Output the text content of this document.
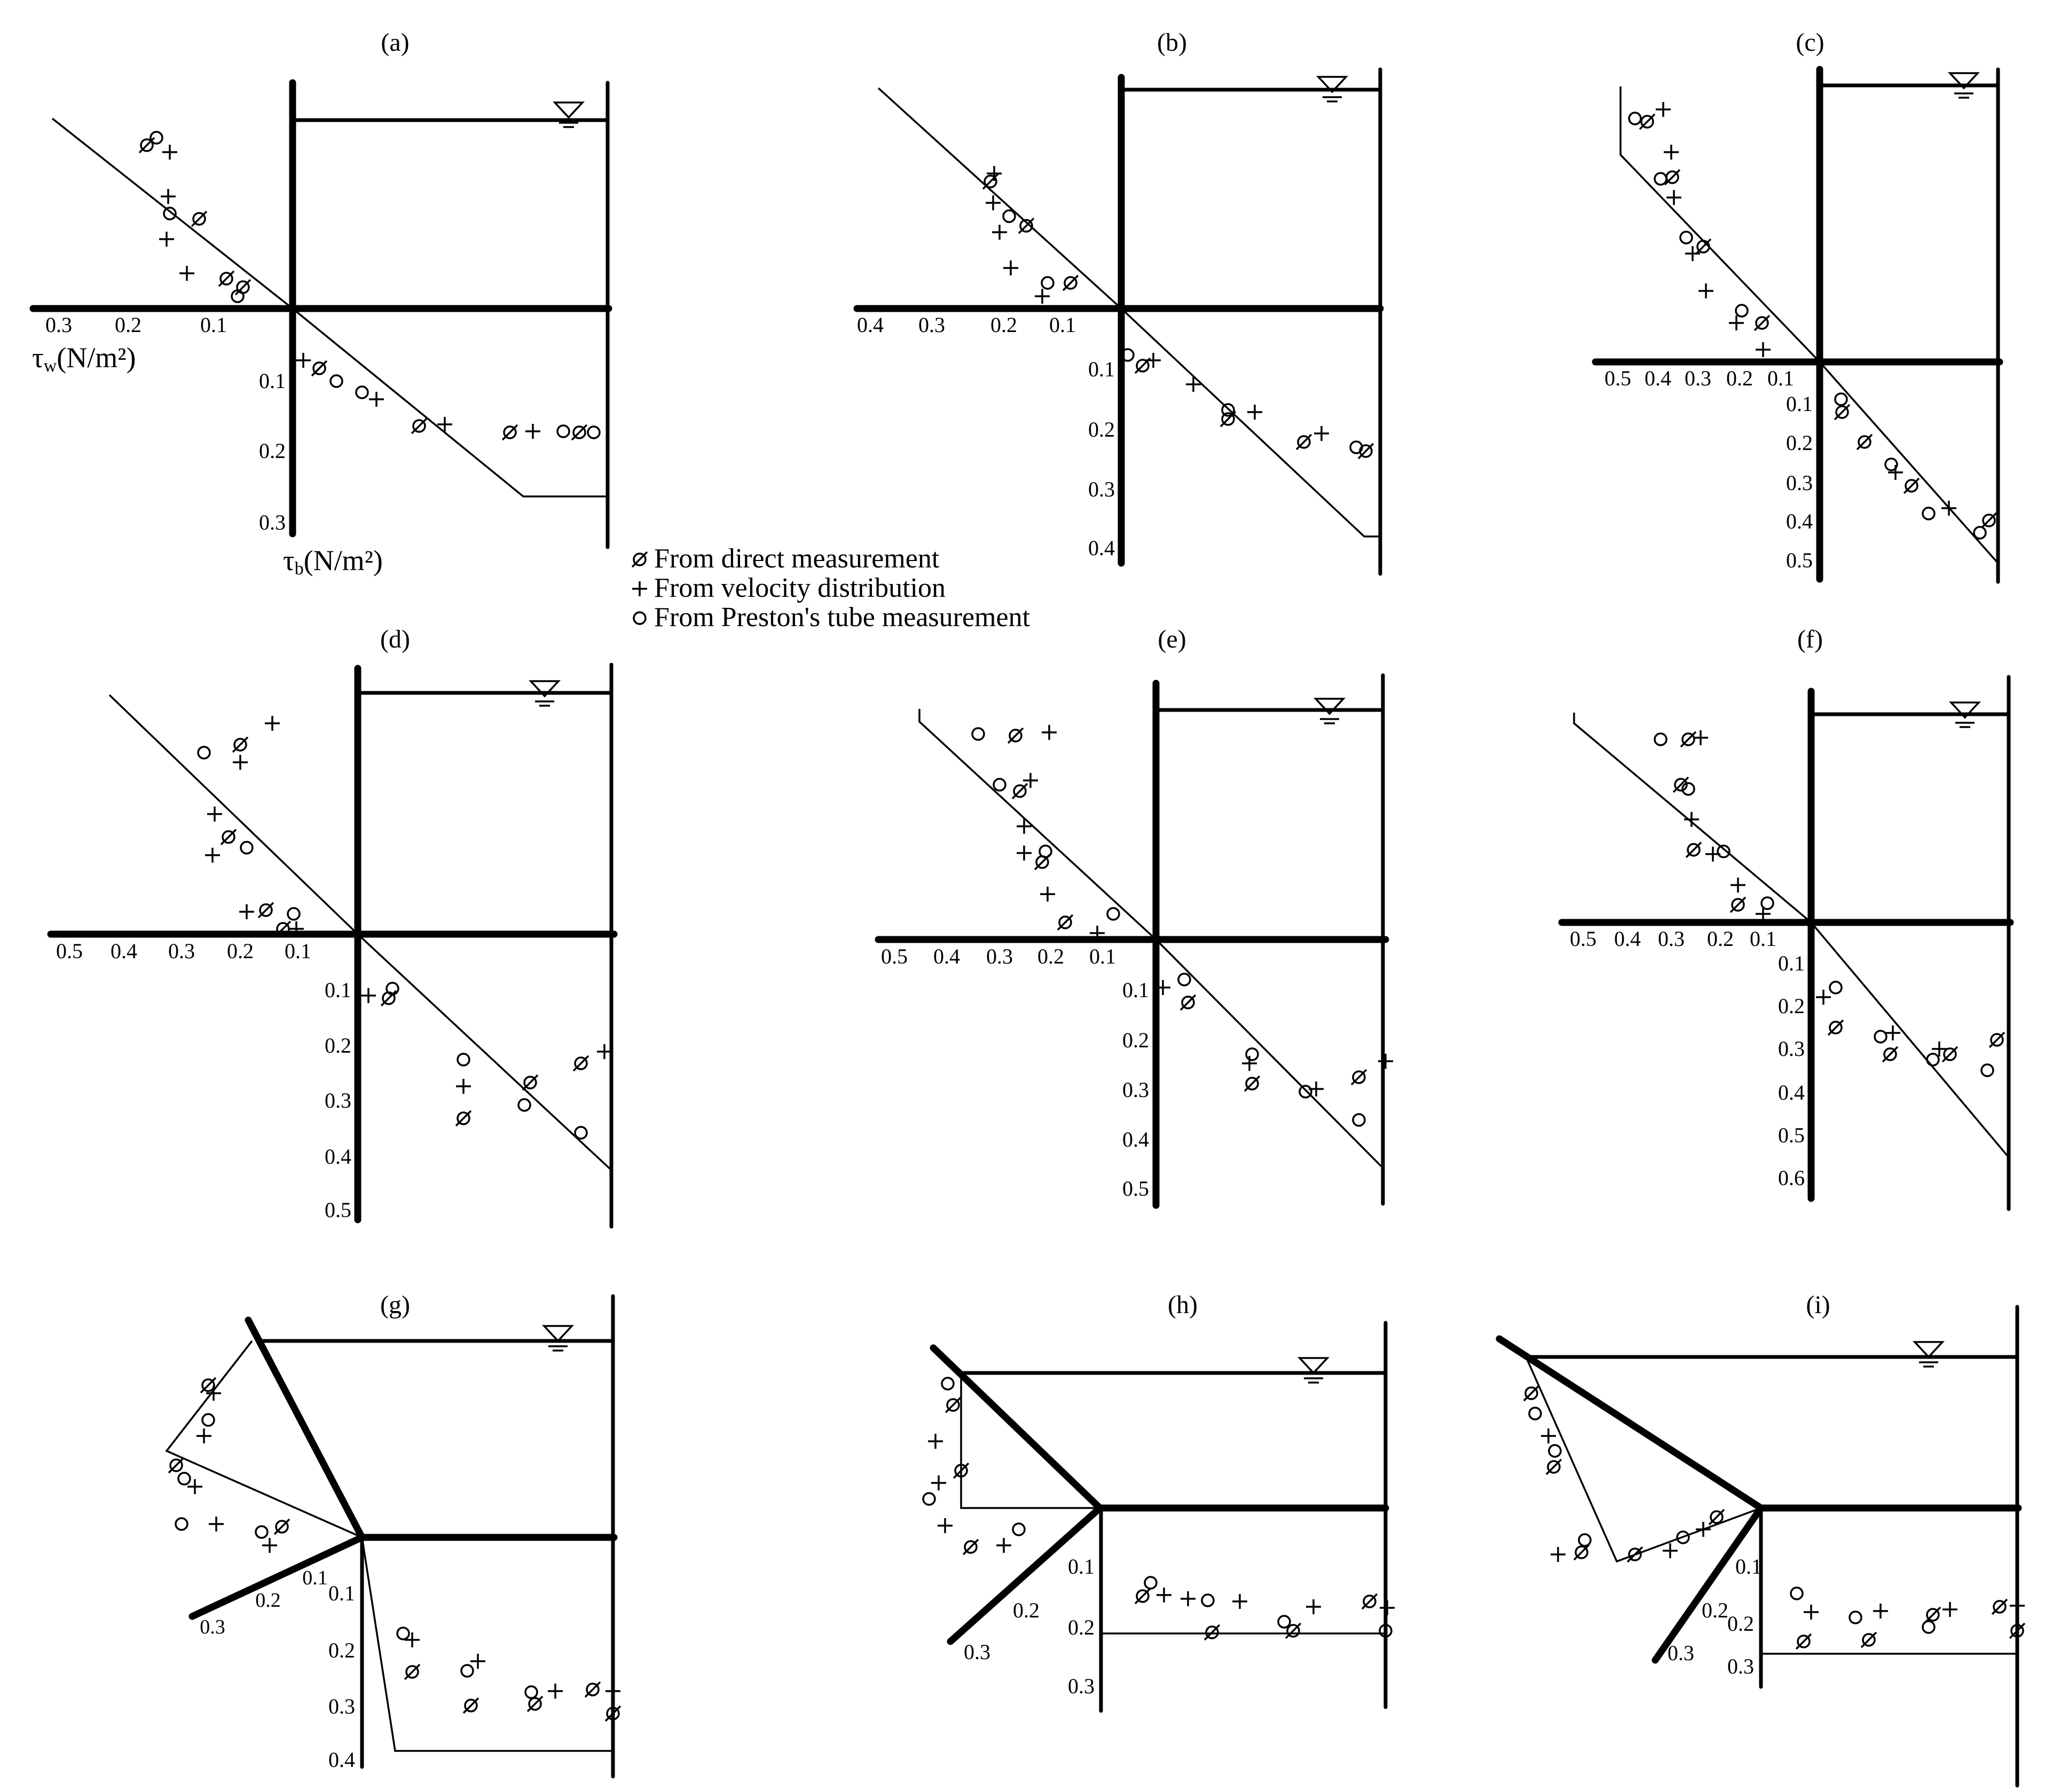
(a)
0.3 0.2	0.1
0.1
0.2
0.3
τw(N/m²)
τb(N/m²)
(b)
0.4 0.3 0.2 0.1
0.1
0.2
0.3
0.4
(c)
0.5 0.4 0.3 0.2 0.1
0.1
0.2
0.3
0.4
0.5
From direct measurement
From velocity distribution
From Preston's tube measurement
(d)
0.5 0.4 0.3 0.2 0.1
0.1
0.2
0.3
0.4
0.5
(e)
0.5 0.4 0.3 0.2 0.1
0.1
0.2
0.3
0.4
0.5
(f)
0.5 0.4 0.3 0.2 0.1
0.1
0.2
0.3
0.4
0.5
0.6
(g)
0.3
0.2
0.1
0.1
0.2
0.3
0.4
(h)
0.2
0.3
0.1
0.2
0.3
(i)
0.1
0.2
0.3
0.2
0.3
